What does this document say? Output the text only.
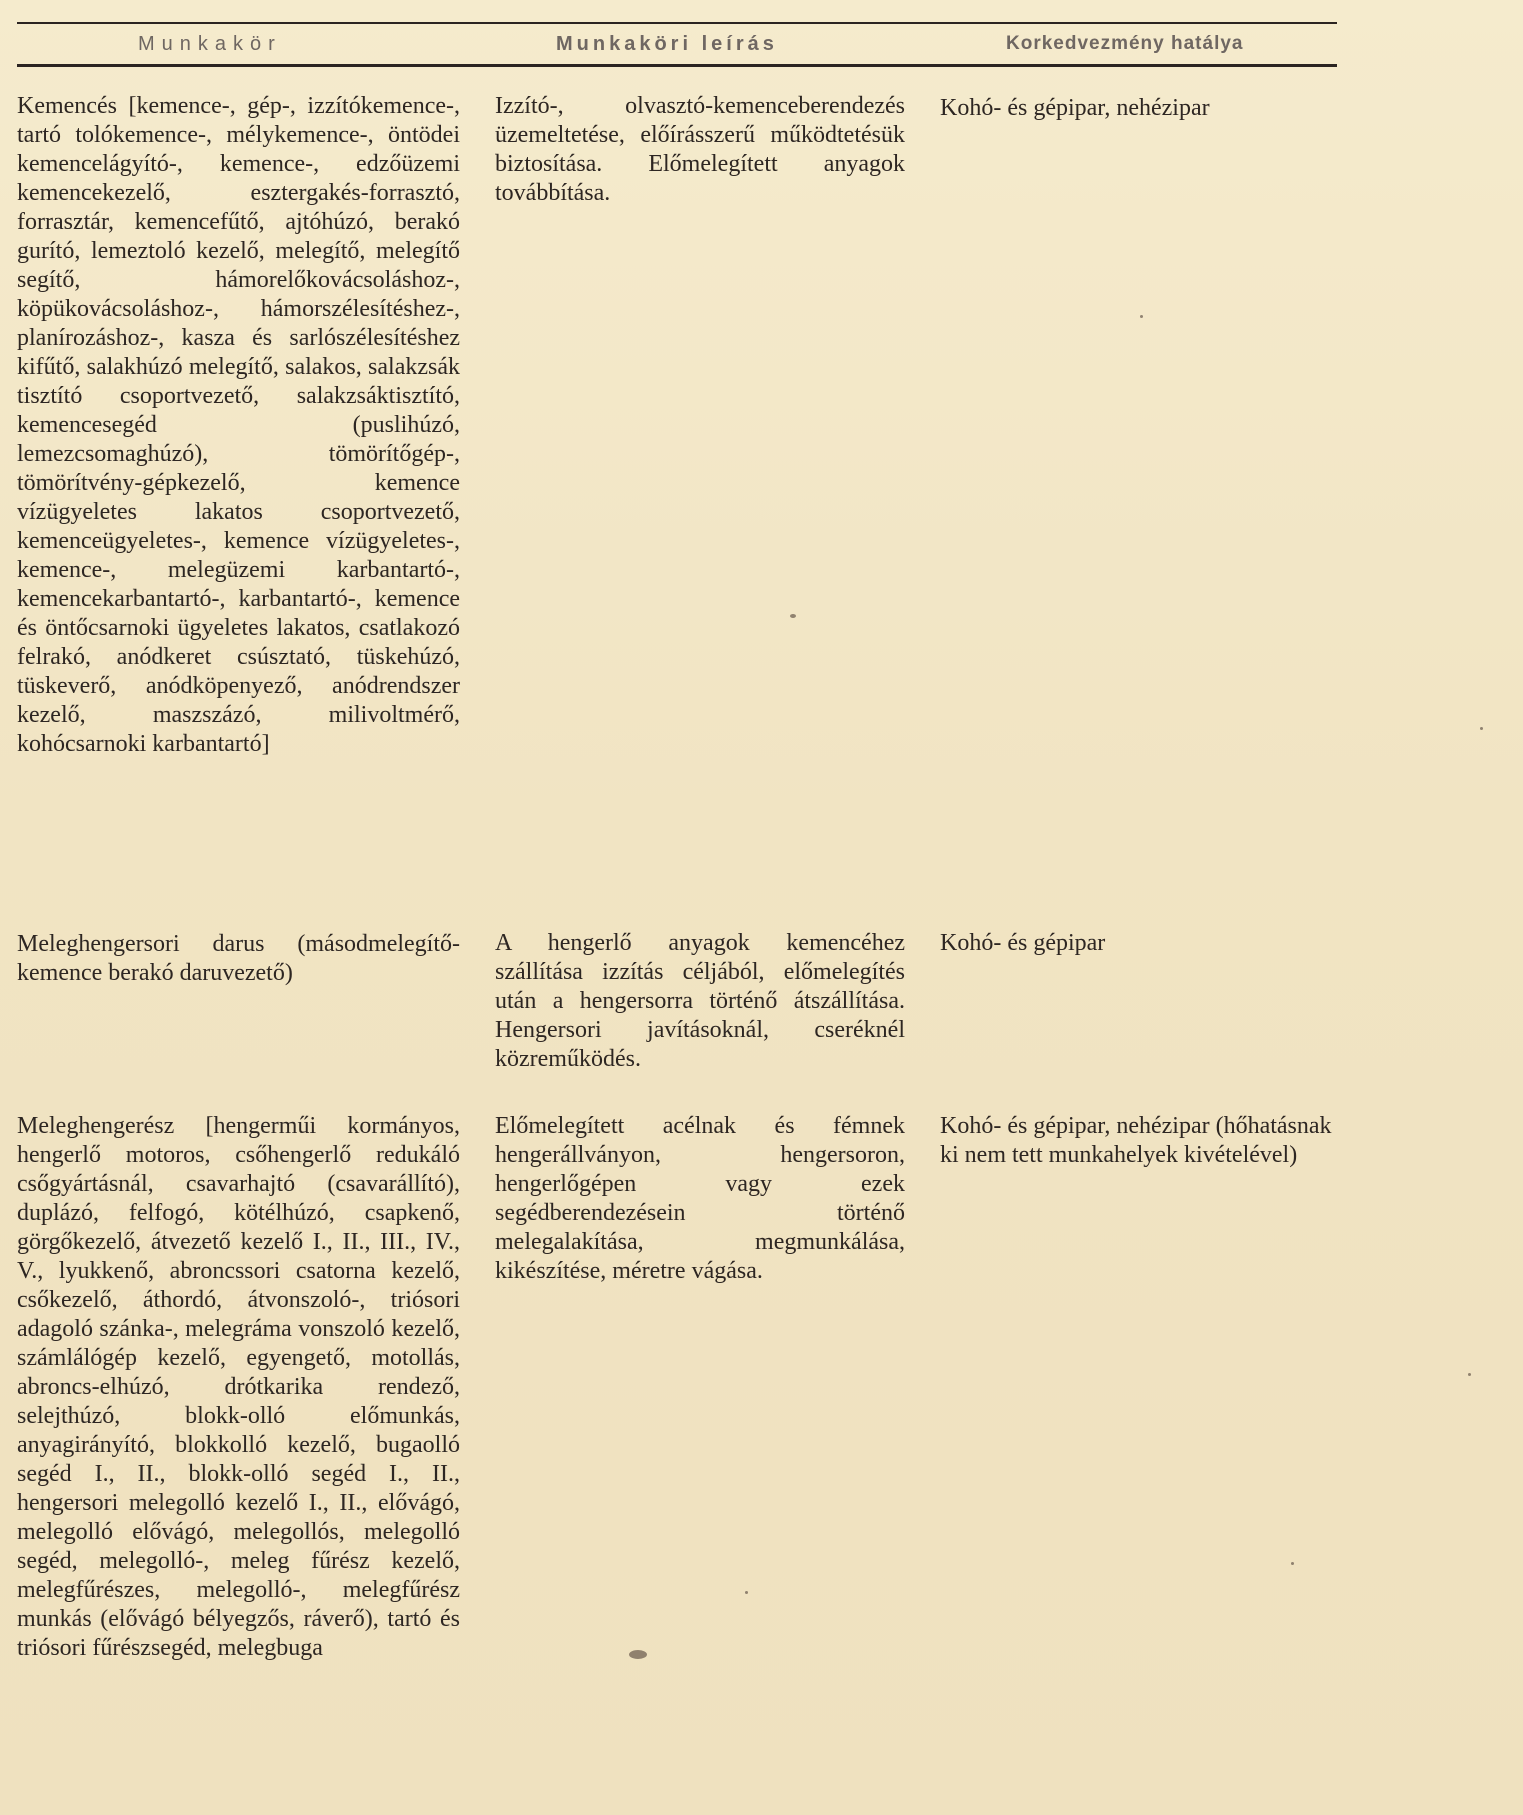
Munkakör	Munkaköri leírás	Korkedvezmény hatálya

Kemencés [kemence-, gép-, izzítókemence-, tartó tolókemence-, mélykemence-, öntödei kemencelágyító-, kemence-, edzőüzemi kemencekezelő, esztergakés-forrasztó, forrasztár, kemencefűtő, ajtóhúzó, berakó gurító, lemeztoló kezelő, melegítő, melegítő segítő, hámorelőkovácsoláshoz-, köpükovácsoláshoz-, hámorszélesítéshez-, planírozáshoz-, kasza és sarlószélesítéshez kifűtő, salakhúzó melegítő, salakos, salakzsák tisztító csoportvezető, salakzsáktisztító, kemencesegéd (puslihúzó, lemezcsomaghúzó), tömörítőgép-, tömörítvény-gépkezelő, kemence vízügyeletes lakatos csoportvezető, kemenceügyeletes-, kemence vízügyeletes-, kemence-, melegüzemi karbantartó-, kemencekarbantartó-, karbantartó-, kemence és öntőcsarnoki ügyeletes lakatos, csatlakozó felrakó, anódkeret csúsztató, tüskehúzó, tüskeverő, anódköpenyező, anódrendszer kezelő, maszszázó, milivoltmérő, kohócsarnoki karbantartó]

Izzító-, olvasztó-kemenceberendezés üzemeltetése, előírásszerű működtetésük biztosítása. Előmelegített anyagok továbbítása.

Kohó- és gépipar, nehézipar

Meleghengersori darus (másodmelegítő-kemence berakó daruvezető)

A hengerlő anyagok kemencéhez szállítása izzítás céljából, előmelegítés után a hengersorra történő átszállítása. Hengersori javításoknál, cseréknél közreműködés.

Kohó- és gépipar

Meleghengerész [hengerműi kormányos, hengerlő motoros, csőhengerlő redukáló csőgyártásnál, csavarhajtó (csavarállító), duplázó, felfogó, kötélhúzó, csapkenő, görgőkezelő, átvezető kezelő I., II., III., IV., V., lyukkenő, abroncssori csatorna kezelő, csőkezelő, áthordó, átvonszoló-, triósori adagoló szánka-, melegráma vonszoló kezelő, számlálógép kezelő, egyengető, motollás, abroncs-elhúzó, drótkarika rendező, selejthúzó, blokk-olló előmunkás, anyagirányító, blokkolló kezelő, bugaolló segéd I., II., blokk-olló segéd I., II., hengersori melegolló kezelő I., II., elővágó, melegolló elővágó, melegollós, melegolló segéd, melegolló-, meleg fűrész kezelő, melegfűrészes, melegolló-, melegfűrész munkás (elővágó bélyegzős, ráverő), tartó és triósori fűrészsegéd, melegbuga

Előmelegített acélnak és fémnek hengerállványon, hengersoron, hengerlőgépen vagy ezek segédberendezésein történő melegalakítása, megmunkálása, kikészítése, méretre vágása.

Kohó- és gépipar, nehézipar (hőhatásnak ki nem tett munkahelyek kivételével)
